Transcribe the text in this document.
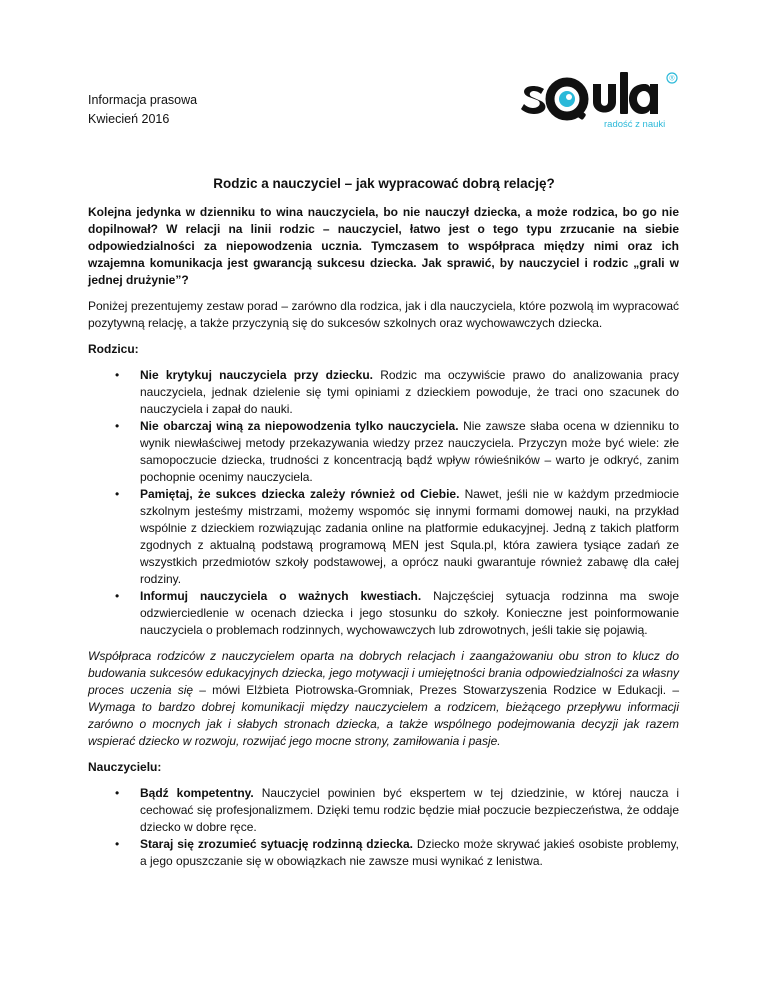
Informacja prasowa
Kwiecień 2016
®
radość z nauki
Rodzic a nauczyciel – jak wypracować dobrą relację?

Kolejna jedynka w dzienniku to wina nauczyciela, bo nie nauczył dziecka, a może rodzica, bo go nie dopilnował? W relacji na linii rodzic – nauczyciel, łatwo jest o tego typu zrzucanie na siebie odpowiedzialności za niepowodzenia ucznia. Tymczasem to współpraca między nimi oraz ich wzajemna komunikacja jest gwarancją sukcesu dziecka. Jak sprawić, by nauczyciel i rodzic „grali w jednej drużynie”?

Poniżej prezentujemy zestaw porad – zarówno dla rodzica, jak i dla nauczyciela, które pozwolą im wypracować pozytywną relację, a także przyczynią się do sukcesów szkolnych oraz wychowawczych dziecka.

Rodzicu:
• Nie krytykuj nauczyciela przy dziecku. Rodzic ma oczywiście prawo do analizowania pracy nauczyciela, jednak dzielenie się tymi opiniami z dzieckiem powoduje, że traci ono szacunek do nauczyciela i zapał do nauki.
• Nie obarczaj winą za niepowodzenia tylko nauczyciela. Nie zawsze słaba ocena w dzienniku to wynik niewłaściwej metody przekazywania wiedzy przez nauczyciela. Przyczyn może być wiele: złe samopoczucie dziecka, trudności z koncentracją bądź wpływ rówieśników – warto je odkryć, zanim pochopnie ocenimy nauczyciela.
• Pamiętaj, że sukces dziecka zależy również od Ciebie. Nawet, jeśli nie w każdym przedmiocie szkolnym jesteśmy mistrzami, możemy wspomóc się innymi formami domowej nauki, na przykład wspólnie z dzieckiem rozwiązując zadania online na platformie edukacyjnej. Jedną z takich platform zgodnych z aktualną podstawą programową MEN jest Squla.pl, która zawiera tysiące zadań ze wszystkich przedmiotów szkoły podstawowej, a oprócz nauki gwarantuje również zabawę dla całej rodziny.
• Informuj nauczyciela o ważnych kwestiach. Najczęściej sytuacja rodzinna ma swoje odzwierciedlenie w ocenach dziecka i jego stosunku do szkoły. Konieczne jest poinformowanie nauczyciela o problemach rodzinnych, wychowawczych lub zdrowotnych, jeśli takie się pojawią.

Współpraca rodziców z nauczycielem oparta na dobrych relacjach i zaangażowaniu obu stron to klucz do budowania sukcesów edukacyjnych dziecka, jego motywacji i umiejętności brania odpowiedzialności za własny proces uczenia się – mówi Elżbieta Piotrowska-Gromniak, Prezes Stowarzyszenia Rodzice w Edukacji. – Wymaga to bardzo dobrej komunikacji między nauczycielem a rodzicem, bieżącego przepływu informacji zarówno o mocnych jak i słabych stronach dziecka, a także wspólnego podejmowania decyzji jak razem wspierać dziecko w rozwoju, rozwijać jego mocne strony, zamiłowania i pasje.

Nauczycielu:
• Bądź kompetentny. Nauczyciel powinien być ekspertem w tej dziedzinie, w której naucza i cechować się profesjonalizmem. Dzięki temu rodzic będzie miał poczucie bezpieczeństwa, że oddaje dziecko w dobre ręce.
• Staraj się zrozumieć sytuację rodzinną dziecka. Dziecko może skrywać jakieś osobiste problemy, a jego opuszczanie się w obowiązkach nie zawsze musi wynikać z lenistwa.
